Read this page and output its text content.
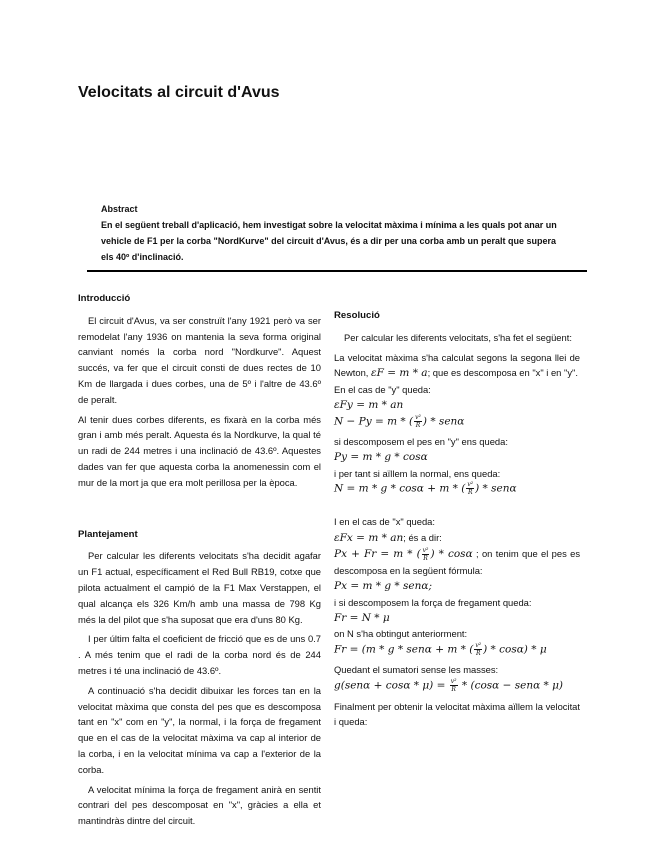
Velocitats al circuit d'Avus
Abstract
En el següent treball d'aplicació, hem investigat sobre la velocitat màxima i mínima a les quals pot anar un vehicle de F1 per la corba "NordKurve" del circuit d'Avus, és a dir per una corba amb un peralt que supera els 40º d'inclinació.

Introducció

El circuit d'Avus, va ser construït l'any 1921 però va ser remodelat l'any 1936 on mantenia la seva forma original canviant només la corba nord "Nordkurve". Aquest succés, va fer que el circuit consti de dues rectes de 10 Km de llargada i dues corbes, una de 5º i l'altre de 43.6º de peralt.

Al tenir dues corbes diferents, es fixarà en la corba més gran i amb més peralt. Aquesta és la Nordkurve, la qual té un radi de 244 metres i una inclinació de 43.6º. Aquestes dades van fer que aquesta corba la anomenessin com el mur de la mort ja que era molt perillosa per la època.

Plantejament

Per calcular les diferents velocitats s'ha decidit agafar un F1 actual, específicament el Red Bull RB19, cotxe que pilota actualment el campió de la F1 Max Verstappen, el qual alcança els 326 Km/h amb una massa de 798 Kg més la del pilot que s'ha suposat que era d'uns 80 Kg.

I per últim falta el coeficient de fricció que es de uns 0.7 . A més tenim que el radi de la corba nord és de 244 metres i té una inclinació de 43.6º.

A continuació s'ha decidit dibuixar les forces tan en la velocitat màxima que consta del pes que es descomposa tant en "x" com en "y", la normal, i la força de fregament que en el cas de la velocitat màxima va cap al interior de la corba, i en la velocitat mínima va cap a l'exterior de la corba.

A velocitat mínima la força de fregament anirà en sentit contrari del pes descomposat en "x", gràcies a ella et mantindràs dintre del circuit.

Resolució

Per calcular les diferents velocitats, s'ha fet el següent:

La velocitat màxima s'ha calculat segons la segona llei de Newton, εF = m * a; que es descomposa en "x" i en "y".

En el cas de "y" queda:

εFy = m * an

N − Py = m * ( $\frac{\text{v²}}{R}$ ) * senα

si descomposem el pes en "y" ens queda:

Py = m * g * cosα

i per tant si aïllem la normal, ens queda:

N = m * g * cosα + m * ( $\frac{\text{v²}}{R}$ ) * senα

I en el cas de "x" queda:

εFx = m * an; és a dir:

Px + Fr = m * ( $\frac{\text{v²}}{R}$ ) * cosα ; on tenim que el pes es descomposa en la següent fórmula:

Px = m * g * senα;

i si descomposem la força de fregament queda:

Fr = N * μ

on N s'ha obtingut anteriorment:

Fr = (m * g * senα + m * ( $\frac{\text{v²}}{R}$ ) * cosα) * μ

Quedant el sumatori sense les masses:

$g(sen\alpha + \cos\alpha * \mu) = \frac{\text{v²}}{R} * (\cos\alpha - sen\alpha * \mu)$

Finalment per obtenir la velocitat màxima aïllem la velocitat i queda:
